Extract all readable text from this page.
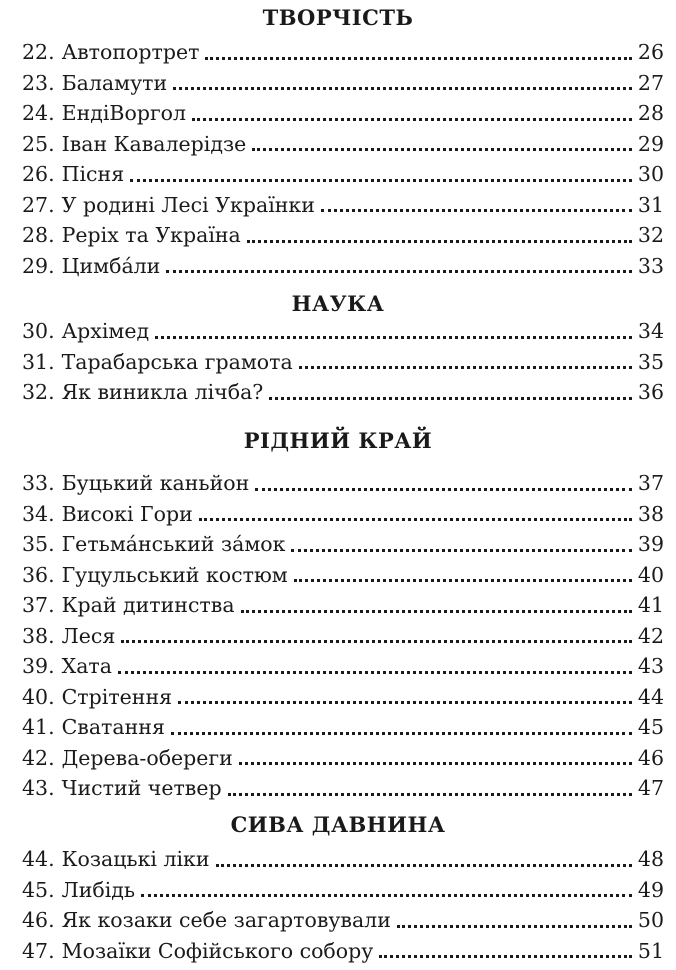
ТВОРЧІСТЬ
22. Автопортрет	26
23. Баламути	27
24. ЕндіВоргол	28
25. Іван Кавалерідзе	29
26. Пісня	30
27. У родині Лесі Українки	31
28. Реріх та Україна	32
29. Цимба́ли	33
НАУКА
30. Архімед	34
31. Тарабарська грамота	35
32. Як виникла лічба?	36
РІДНИЙ КРАЙ
33. Буцький каньйон	37
34. Високі Гори	38
35. Гетьма́нський за́мок	39
36. Гуцульський костюм	40
37. Край дитинства	41
38. Леся	42
39. Хата	43
40. Стрітення	44
41. Сватання	45
42. Дерева-обереги	46
43. Чистий четвер	47
СИВА ДАВНИНА
44. Козацькі ліки	48
45. Либідь	49
46. Як козаки себе загартовували	50
47. Мозаїки Софійського собору	51
